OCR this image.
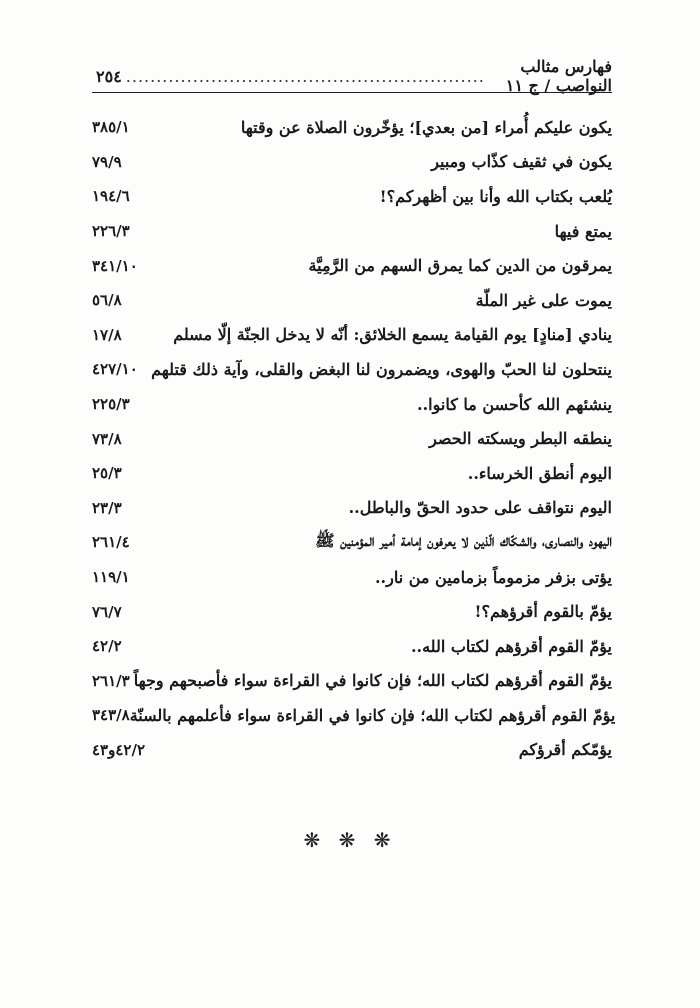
٢٥٤ ...........................................................	فهارس مثالب النواصب / ج ١١
يكون عليكم أُمراء [من بعدي]؛ يؤخّرون الصلاة عن وقتها
٣٨٥/١
يكون في ثقيف كذّاب ومبير
٧٩/٩
يُلعب بكتاب الله وأنا بين أظهركم؟!
١٩٤/٦
يمتع فيها
٢٢٦/٣
يمرقون من الدين كما يمرق السهم من الرَّمِيَّة
٣٤١/١٠
يموت على غير الملّة
٥٦/٨
ينادي [منادٍ] يوم القيامة يسمع الخلائق: أنّه لا يدخل الجنّة إلّا مسلم
١٧/٨
ينتحلون لنا الحبّ والهوى، ويضمرون لنا البغض والقلى، وآية ذلك قتلهم
٤٢٧/١٠
ينشئهم الله كأحسن ما كانوا..
٢٢٥/٣
ينطقه البطر ويسكته الحصر
٧٣/٨
اليوم أنطق الخرساء..
٢٥/٣
اليوم نتواقف على حدود الحقّ والباطل..
٢٣/٣
اليهود والنصارى، والشكّاك الّذين لا يعرفون إمامة أمير المؤمنين ﷺ
٢٦١/٤
يؤتى بزفر مزموماً بزمامين من نار..
١١٩/١
يؤمّ بالقوم أقرؤهم؟!
٧٦/٧
يؤمّ القوم أقرؤهم لكتاب الله..
٤٢/٢
يؤمّ القوم أقرؤهم لكتاب الله؛ فإن كانوا في القراءة سواء فأصبحهم وجهاً
٢٦١/٣
يؤمّ القوم أقرؤهم لكتاب الله؛ فإن كانوا في القراءة سواء فأعلمهم بالسنّة
٣٤٣/٨
يؤمّكم أقرؤكم
٤٢/٢و٤٣
❋ ❋ ❋
